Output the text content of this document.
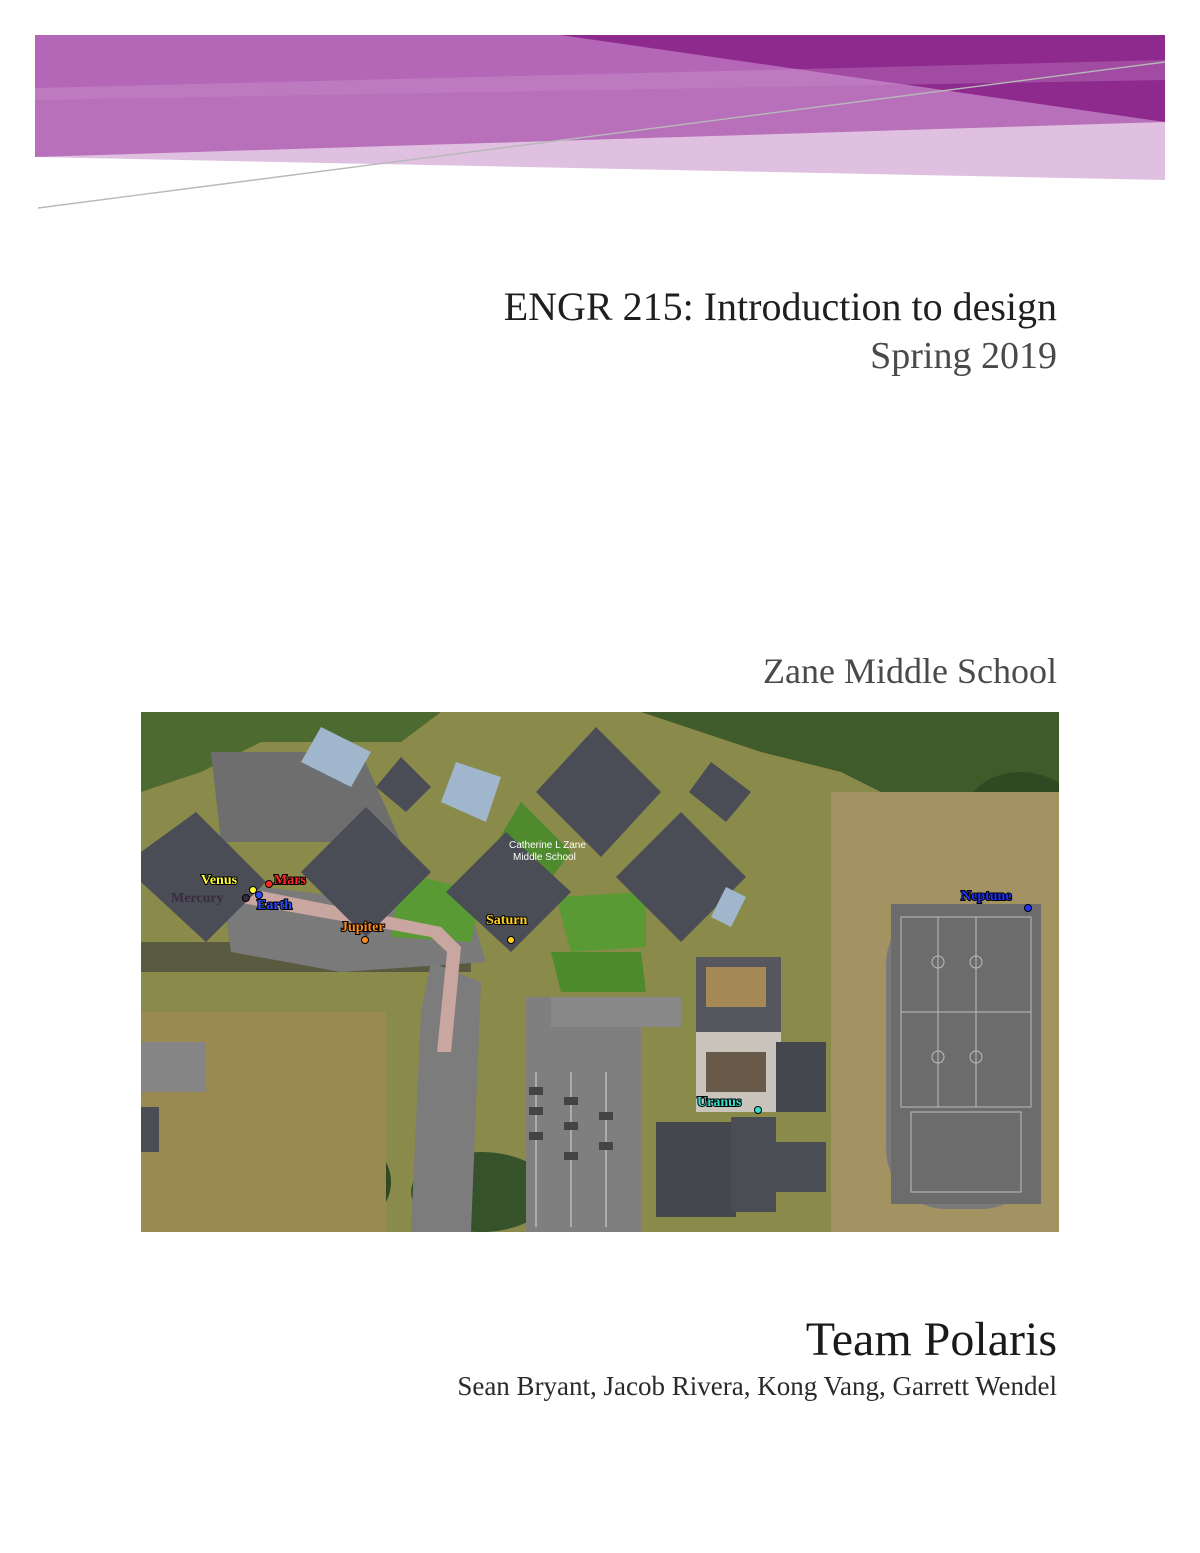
ENGR 215: Introduction to design
Spring 2019
Zane Middle School
Catherine L Zane
Middle School
Venus	Mars
Mercury Earth
Jupiter	Saturn
Neptune
Uranus
Team Polaris
Sean Bryant, Jacob Rivera, Kong Vang, Garrett Wendel
